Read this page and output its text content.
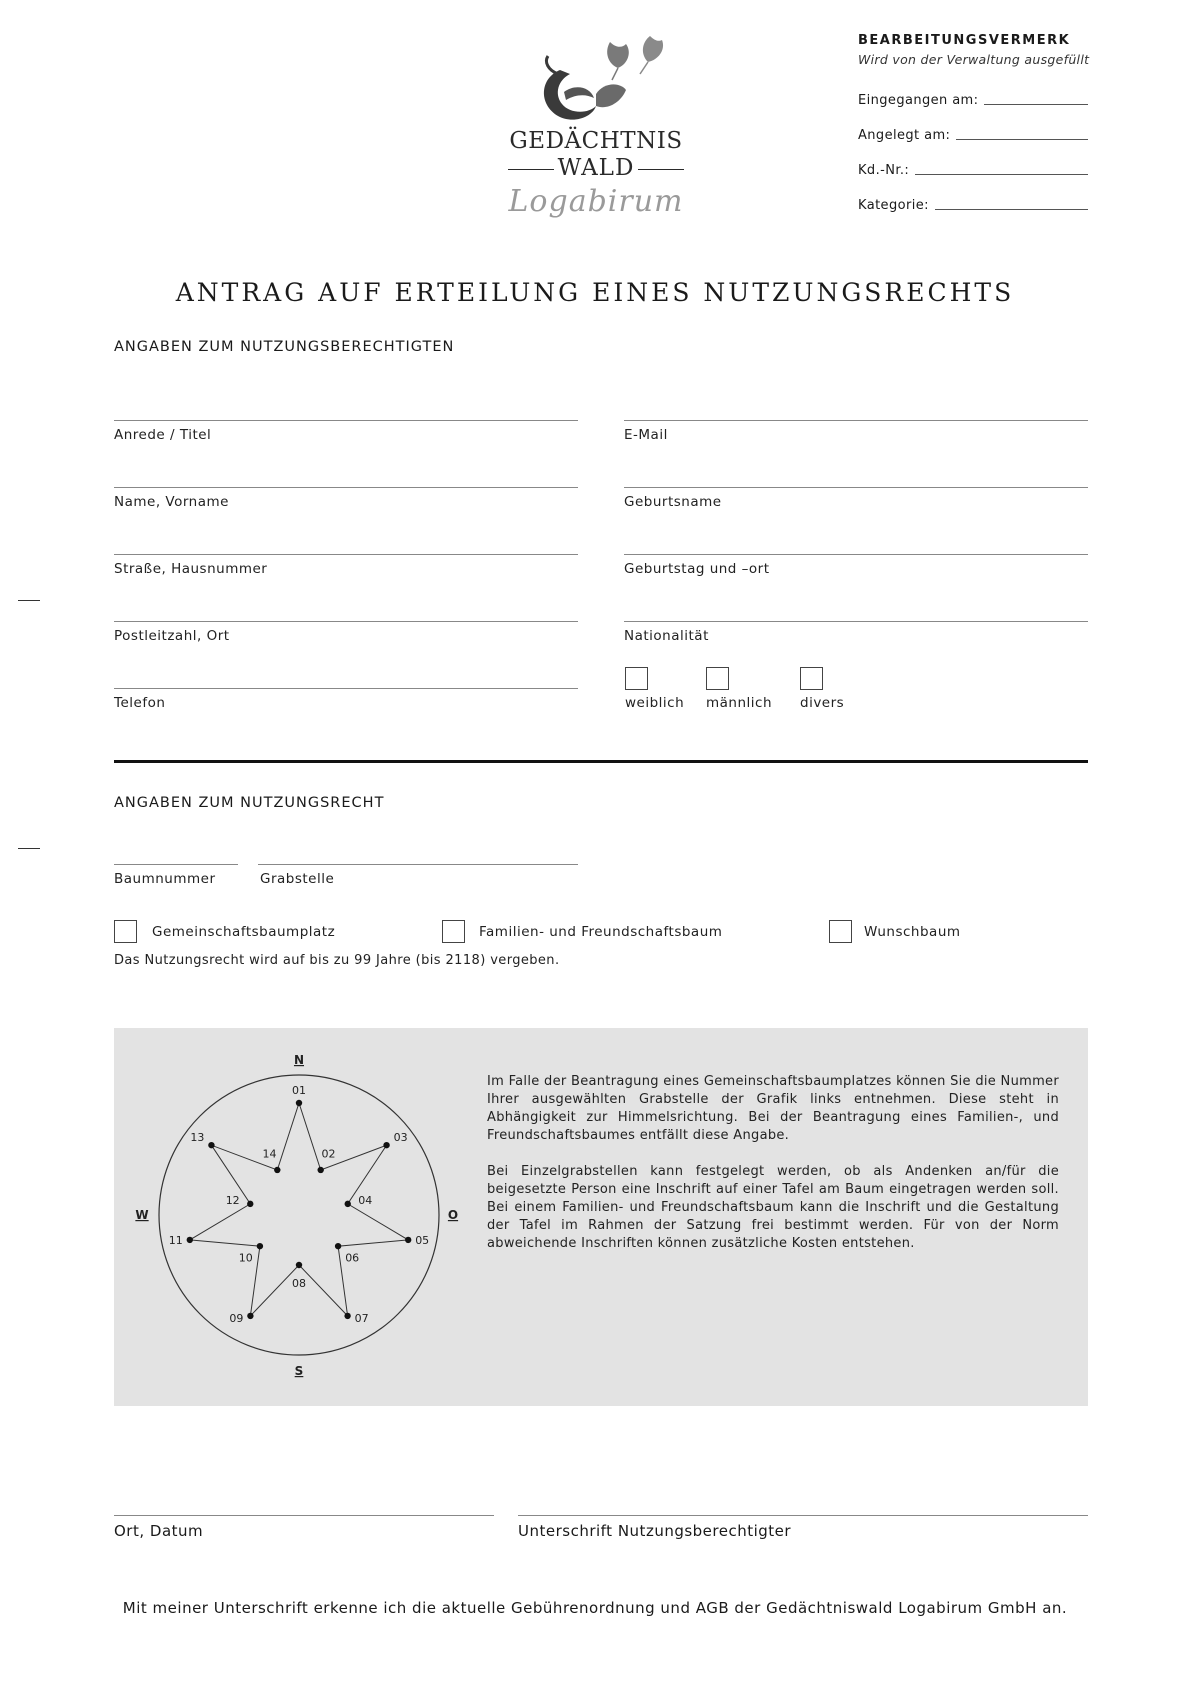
GEDÄCHTNIS
WALD
Logabirum
BEARBEITUNGSVERMERK
Wird von der Verwaltung ausgefüllt
Eingegangen am:
Angelegt am:
Kd.-Nr.:
Kategorie:
ANTRAG AUF ERTEILUNG EINES NUTZUNGSRECHTS
ANGABEN ZUM NUTZUNGSBERECHTIGTEN
Anrede / Titel
Name, Vorname
Straße, Hausnummer
Postleitzahl, Ort
Telefon
E-Mail
Geburtsname
Geburtstag und –ort
Nationalität
weiblich männlich divers
ANGABEN ZUM NUTZUNGSRECHT
Baumnummer	Grabstelle
Gemeinschaftsbaumplatz	Familien- und Freundschaftsbaum	Wunschbaum
Das Nutzungsrecht wird auf bis zu 99 Jahre (bis 2118) vergeben.
01
02
03
04
05
06
07
08
09
10
11
12
13
14
N
S
W	O

Im Falle der Beantragung eines Gemeinschaftsbaumplatzes können Sie die Nummer Ihrer ausgewählten Grabstelle der Grafik links entnehmen. Diese steht in Abhängigkeit zur Himmelsrichtung. Bei der Beantragung eines Familien-, und Freundschaftsbaumes entfällt diese Angabe.

Bei Einzelgrabstellen kann festgelegt werden, ob als Andenken an/für die beigesetzte Person eine Inschrift auf einer Tafel am Baum eingetragen werden soll. Bei einem Familien- und Freundschaftsbaum kann die Inschrift und die Gestaltung der Tafel im Rahmen der Satzung frei bestimmt werden. Für von der Norm abweichende Inschriften können zusätzliche Kosten entstehen.

Ort, Datum	Unterschrift Nutzungsberechtigter
Mit meiner Unterschrift erkenne ich die aktuelle Gebührenordnung und AGB der Gedächtniswald Logabirum GmbH an.
